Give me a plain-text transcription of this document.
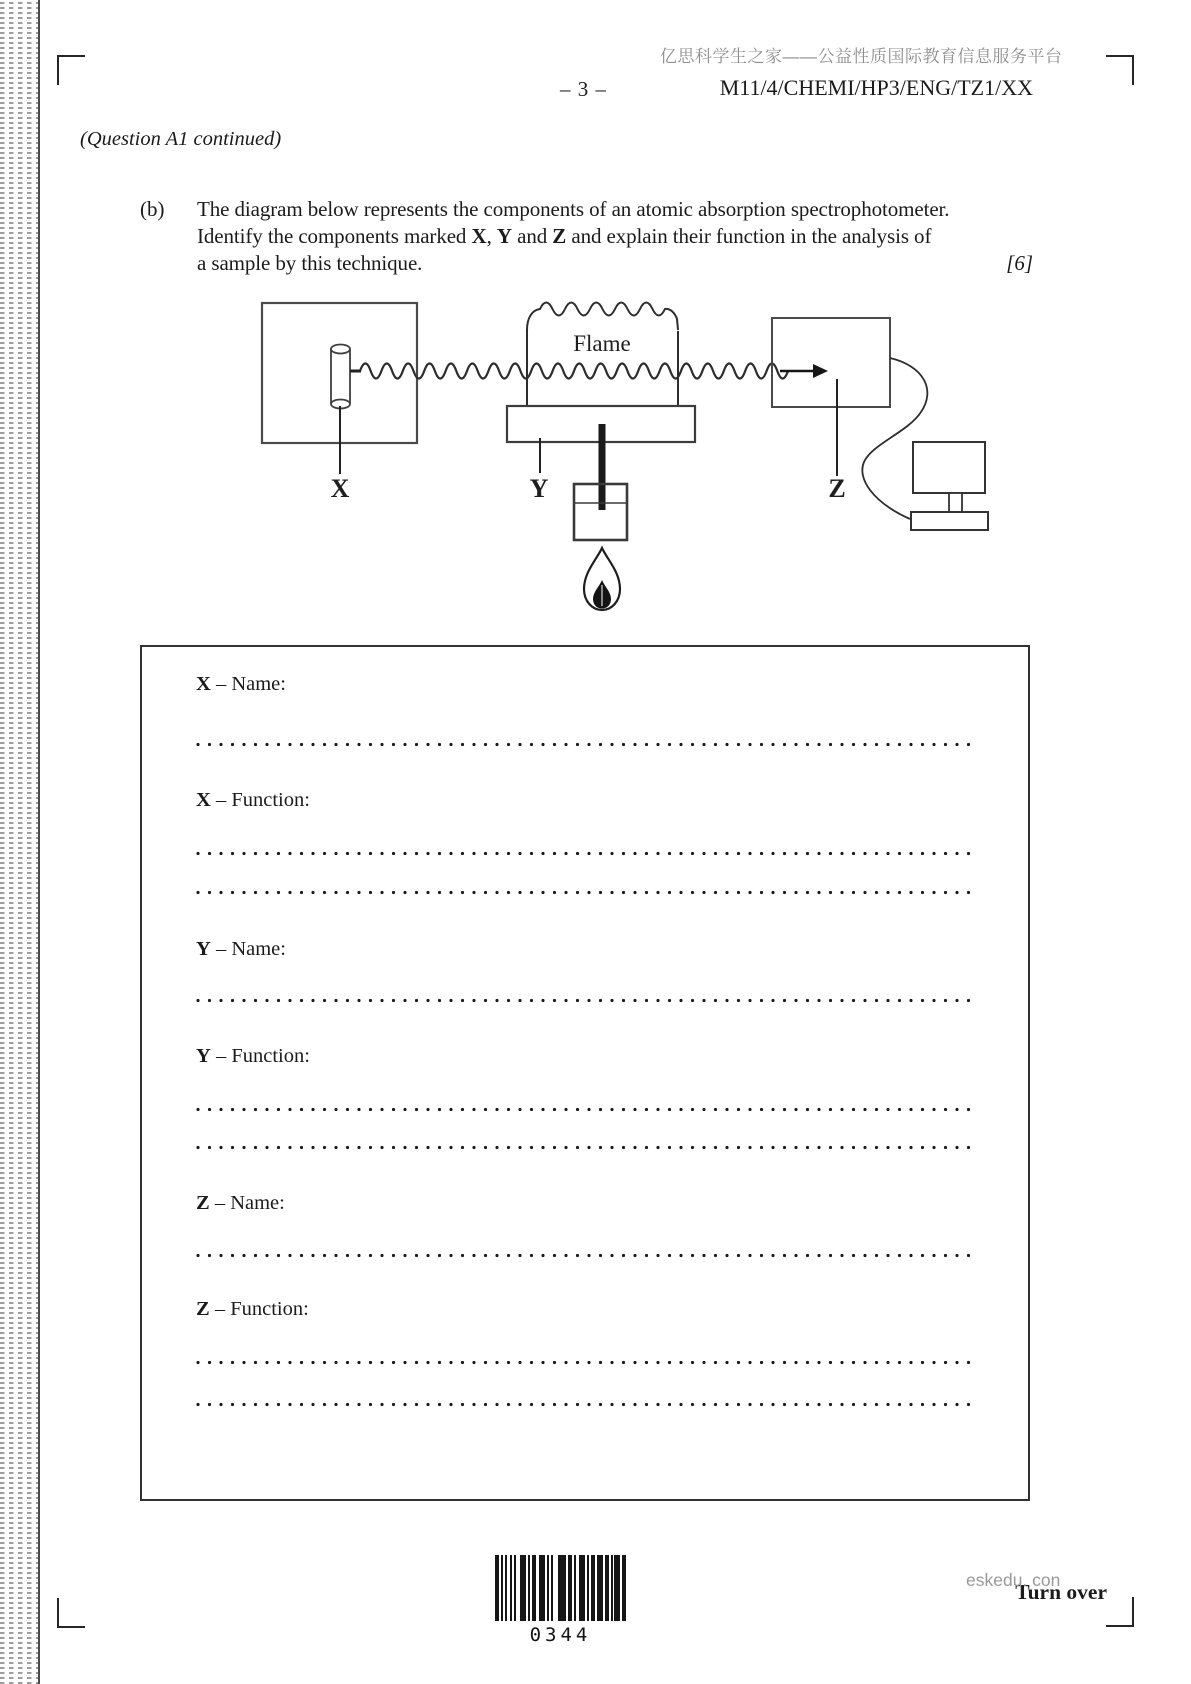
亿思科学生之家——公益性质国际教育信息服务平台
– 3 –	M11/4/CHEMI/HP3/ENG/TZ1/XX
(Question A1 continued)
(b) The diagram below represents the components of an atomic absorption spectrophotometer.
Identify the components marked X, Y and Z and explain their function in the analysis of
a sample by this technique.	[6]
X
Flame
Y	Z
X – Name:
X – Function:
Y – Name:
Y – Function:
Z – Name:
Z – Function:
0344
Turn over
eskedu. con
